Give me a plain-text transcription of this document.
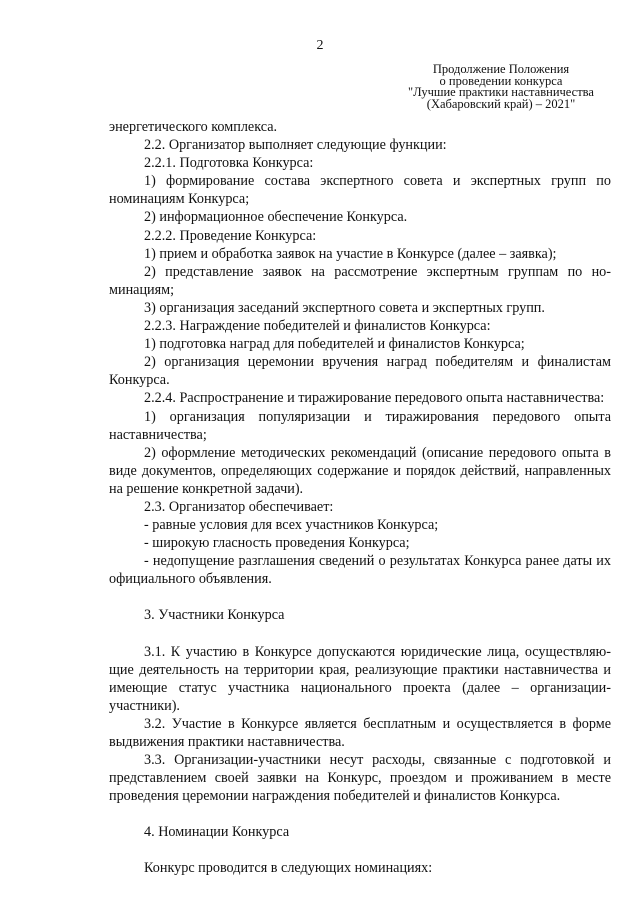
2
Продолжение Положения
о проведении конкурса
"Лучшие практики наставничества
(Хабаровский край) – 2021"

энергетического комплекса.

2.2. Организатор выполняет следующие функции:

2.2.1. Подготовка Конкурса:

1) формирование состава экспертного совета и экспертных групп по номинациям Конкурса;

2) информационное обеспечение Конкурса.

2.2.2. Проведение Конкурса:

1) прием и обработка заявок на участие в Конкурсе (далее – заявка);

2) представление заявок на рассмотрение экспертным группам по номинациям;

3) организация заседаний экспертного совета и экспертных групп.

2.2.3. Награждение победителей и финалистов Конкурса:

1) подготовка наград для победителей и финалистов Конкурса;

2) организация церемонии вручения наград победителям и финалистам Конкурса.

2.2.4. Распространение и тиражирование передового опыта наставничества:

1) организация популяризации и тиражирования передового опыта наставничества;

2) оформление методических рекомендаций (описание передового опыта в виде документов, определяющих содержание и порядок действий, направленных на решение конкретной задачи).

2.3. Организатор обеспечивает:

- равные условия для всех участников Конкурса;

- широкую гласность проведения Конкурса;

- недопущение разглашения сведений о результатах Конкурса ранее даты их официального объявления.

3. Участники Конкурса

3.1. К участию в Конкурсе допускаются юридические лица, осуществляющие деятельность на территории края, реализующие практики наставничества и имеющие статус участника национального проекта (далее – организации-участники).

3.2. Участие в Конкурсе является бесплатным и осуществляется в форме выдвижения практики наставничества.

3.3. Организации-участники несут расходы, связанные с подготовкой и представлением своей заявки на Конкурс, проездом и проживанием в месте проведения церемонии награждения победителей и финалистов Конкурса.

4. Номинации Конкурса

Конкурс проводится в следующих номинациях:
